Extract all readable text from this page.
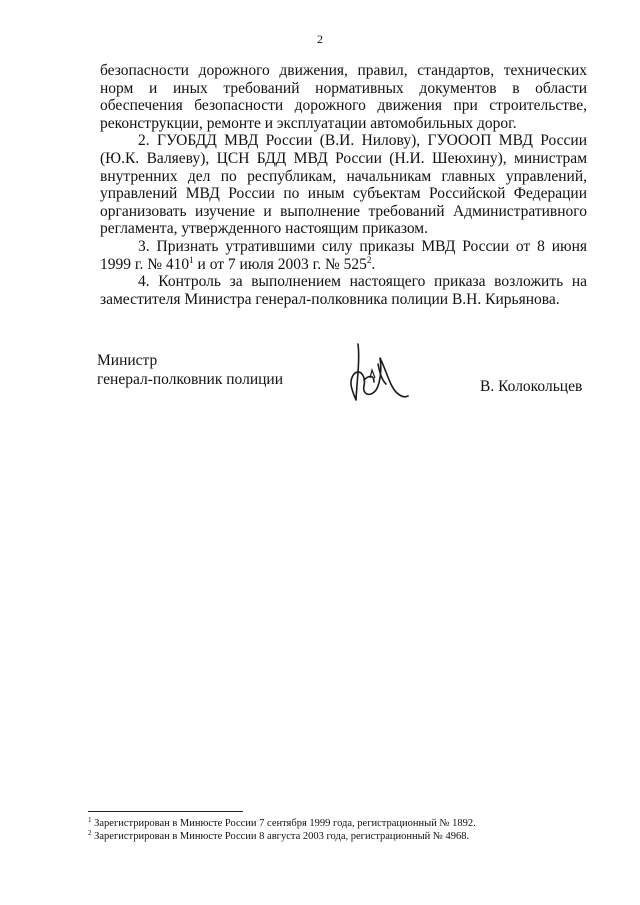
2

безопасности дорожного движения, правил, стандартов, технических норм и иных требований нормативных документов в области обеспечения безопасности дорожного движения при строительстве, реконструкции, ремонте и эксплуатации автомобильных дорог.

2. ГУОБДД МВД России (В.И. Нилову), ГУОООП МВД России (Ю.К. Валяеву), ЦСН БДД МВД России (Н.И. Шеюхину), министрам внутренних дел по республикам, начальникам главных управлений, управлений МВД России по иным субъектам Российской Федерации организовать изучение и выполнение требований Административного регламента, утвержденного настоящим приказом.

3. Признать утратившими силу приказы МВД России от 8 июня 1999 г. № $410^1$ и от 7 июля 2003 г. № $525^2$.

4. Контроль за выполнением настоящего приказа возложить на заместителя Министра генерал-полковника полиции В.Н. Кирьянова.

Министр
генерал-полковник полиции	В. Колокольцев
$^1$ Зарегистрирован в Минюсте России 7 сентября 1999 года, регистрационный № 1892.
$^2$ Зарегистрирован в Минюсте России 8 августа 2003 года, регистрационный № 4968.
